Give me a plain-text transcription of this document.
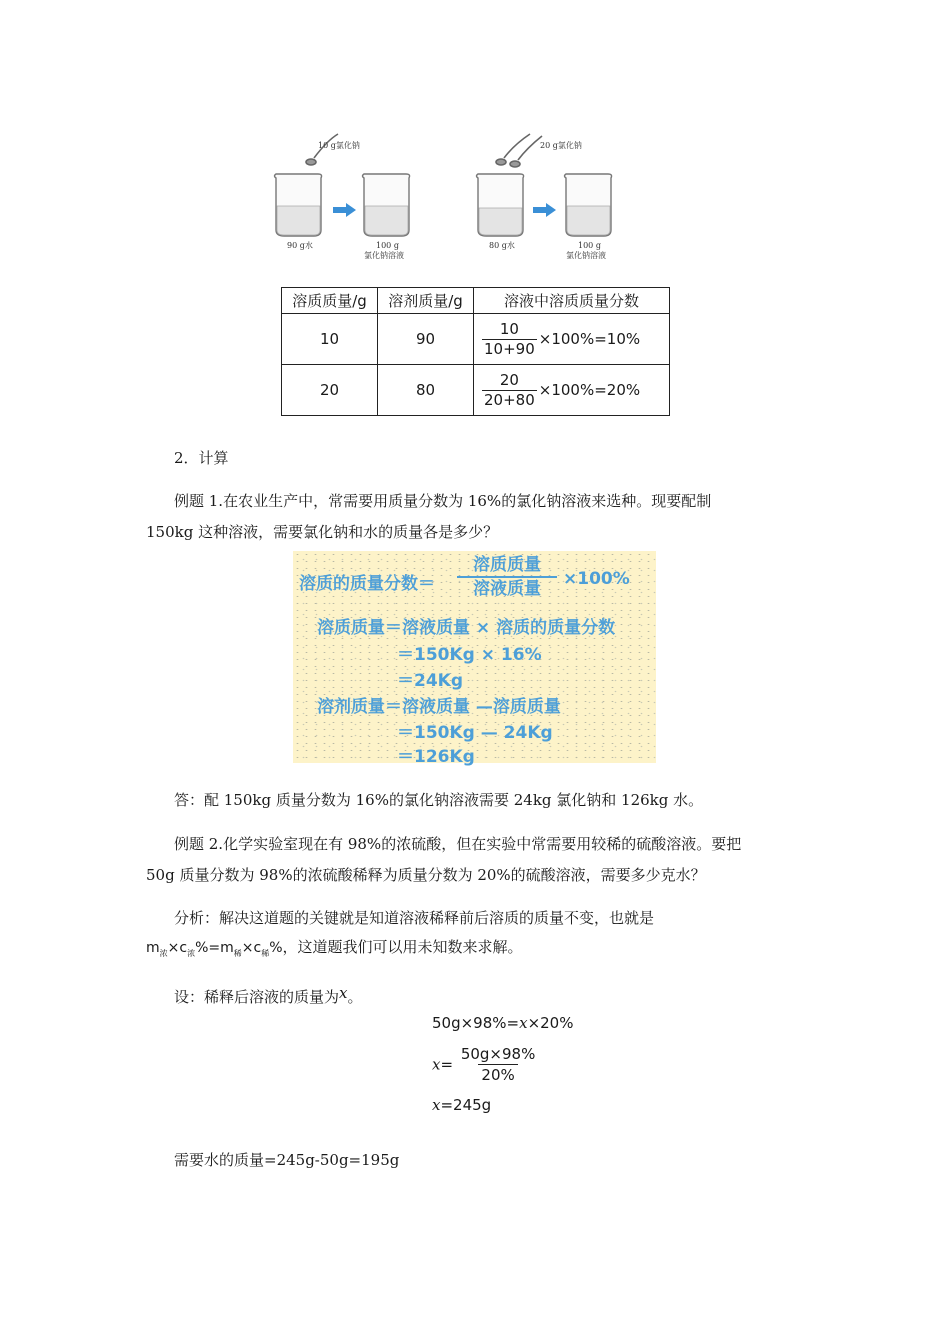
10 g氯化钠	20 g氯化钠
90 g水	100 g
氯化钠溶液
80 g水	100 g
氯化钠溶液
溶质质量/g	溶剂质量/g	溶液中溶质质量分数
10	90	$\frac{10}{10+90} \times 100\%=10\%$
20	80	$\frac{20}{20+80} \times 100\%=20\%$
2．计算
例题 1.在农业生产中，常需要用质量分数为 16%的氯化钠溶液来选种。现要配制
150kg 这种溶液，需要氯化钠和水的质量各是多少？
溶质的质量分数＝
溶质质量
溶液质量	×100%
溶质质量＝溶液质量 × 溶质的质量分数
＝150Kg × 16%
＝24Kg
溶剂质量＝溶液质量 —溶质质量
＝150Kg — 24Kg
＝126Kg
答：配 150kg 质量分数为 16%的氯化钠溶液需要 24kg 氯化钠和 126kg 水。
例题 2.化学实验室现在有 98%的浓硫酸，但在实验中常需要用较稀的硫酸溶液。要把
50g 质量分数为 98%的浓硫酸稀释为质量分数为 20%的硫酸溶液，需要多少克水？
分析：解决这道题的关键就是知道溶液稀释前后溶质的质量不变，也就是
$m_浓\times c_浓\%=m_稀\times c_稀\%$，这道题我们可以用未知数来求解。
设：稀释后溶液的质量为x。
50g×98%=x×20%
$x= \frac{50g\times 98\%}{20\%}$
x=245g
需要水的质量=245g-50g=195g
